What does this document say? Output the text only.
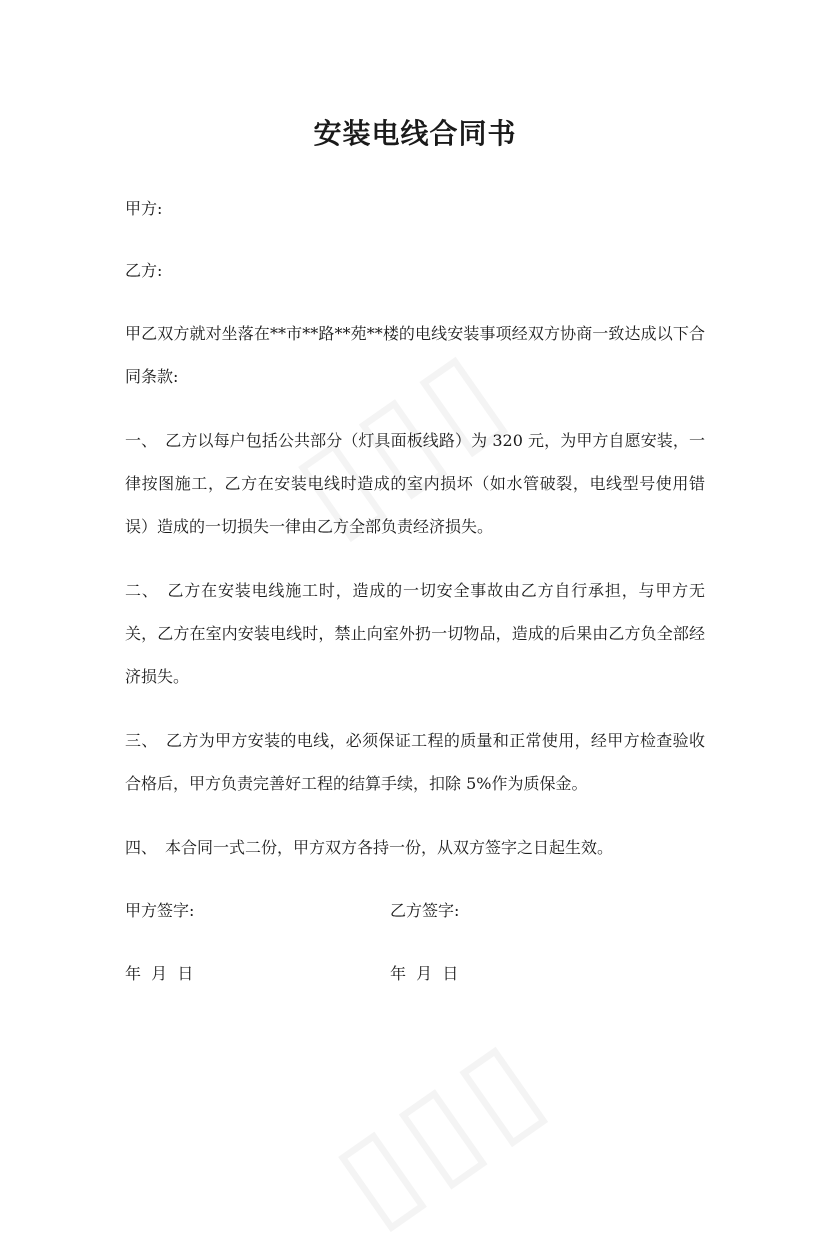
安装电线合同书

甲方:

乙方:

甲乙双方就对坐落在**市**路**苑**楼的电线安装事项经双方协商一致达成以下合同条款:

一、　乙方以每户包括公共部分（灯具面板线路）为 320 元，为甲方自愿安装，一律按图施工，乙方在安装电线时造成的室内损坏（如水管破裂，电线型号使用错误）造成的一切损失一律由乙方全部负责经济损失。

二、　乙方在安装电线施工时，造成的一切安全事故由乙方自行承担，与甲方无关，乙方在室内安装电线时，禁止向室外扔一切物品，造成的后果由乙方负全部经济损失。

三、　乙方为甲方安装的电线，必须保证工程的质量和正常使用，经甲方检查验收合格后，甲方负责完善好工程的结算手续，扣除 5%作为质保金。

四、　本合同一式二份，甲方双方各持一份，从双方签字之日起生效。

甲方签字:	乙方签字:
年  月  日	年  月  日
